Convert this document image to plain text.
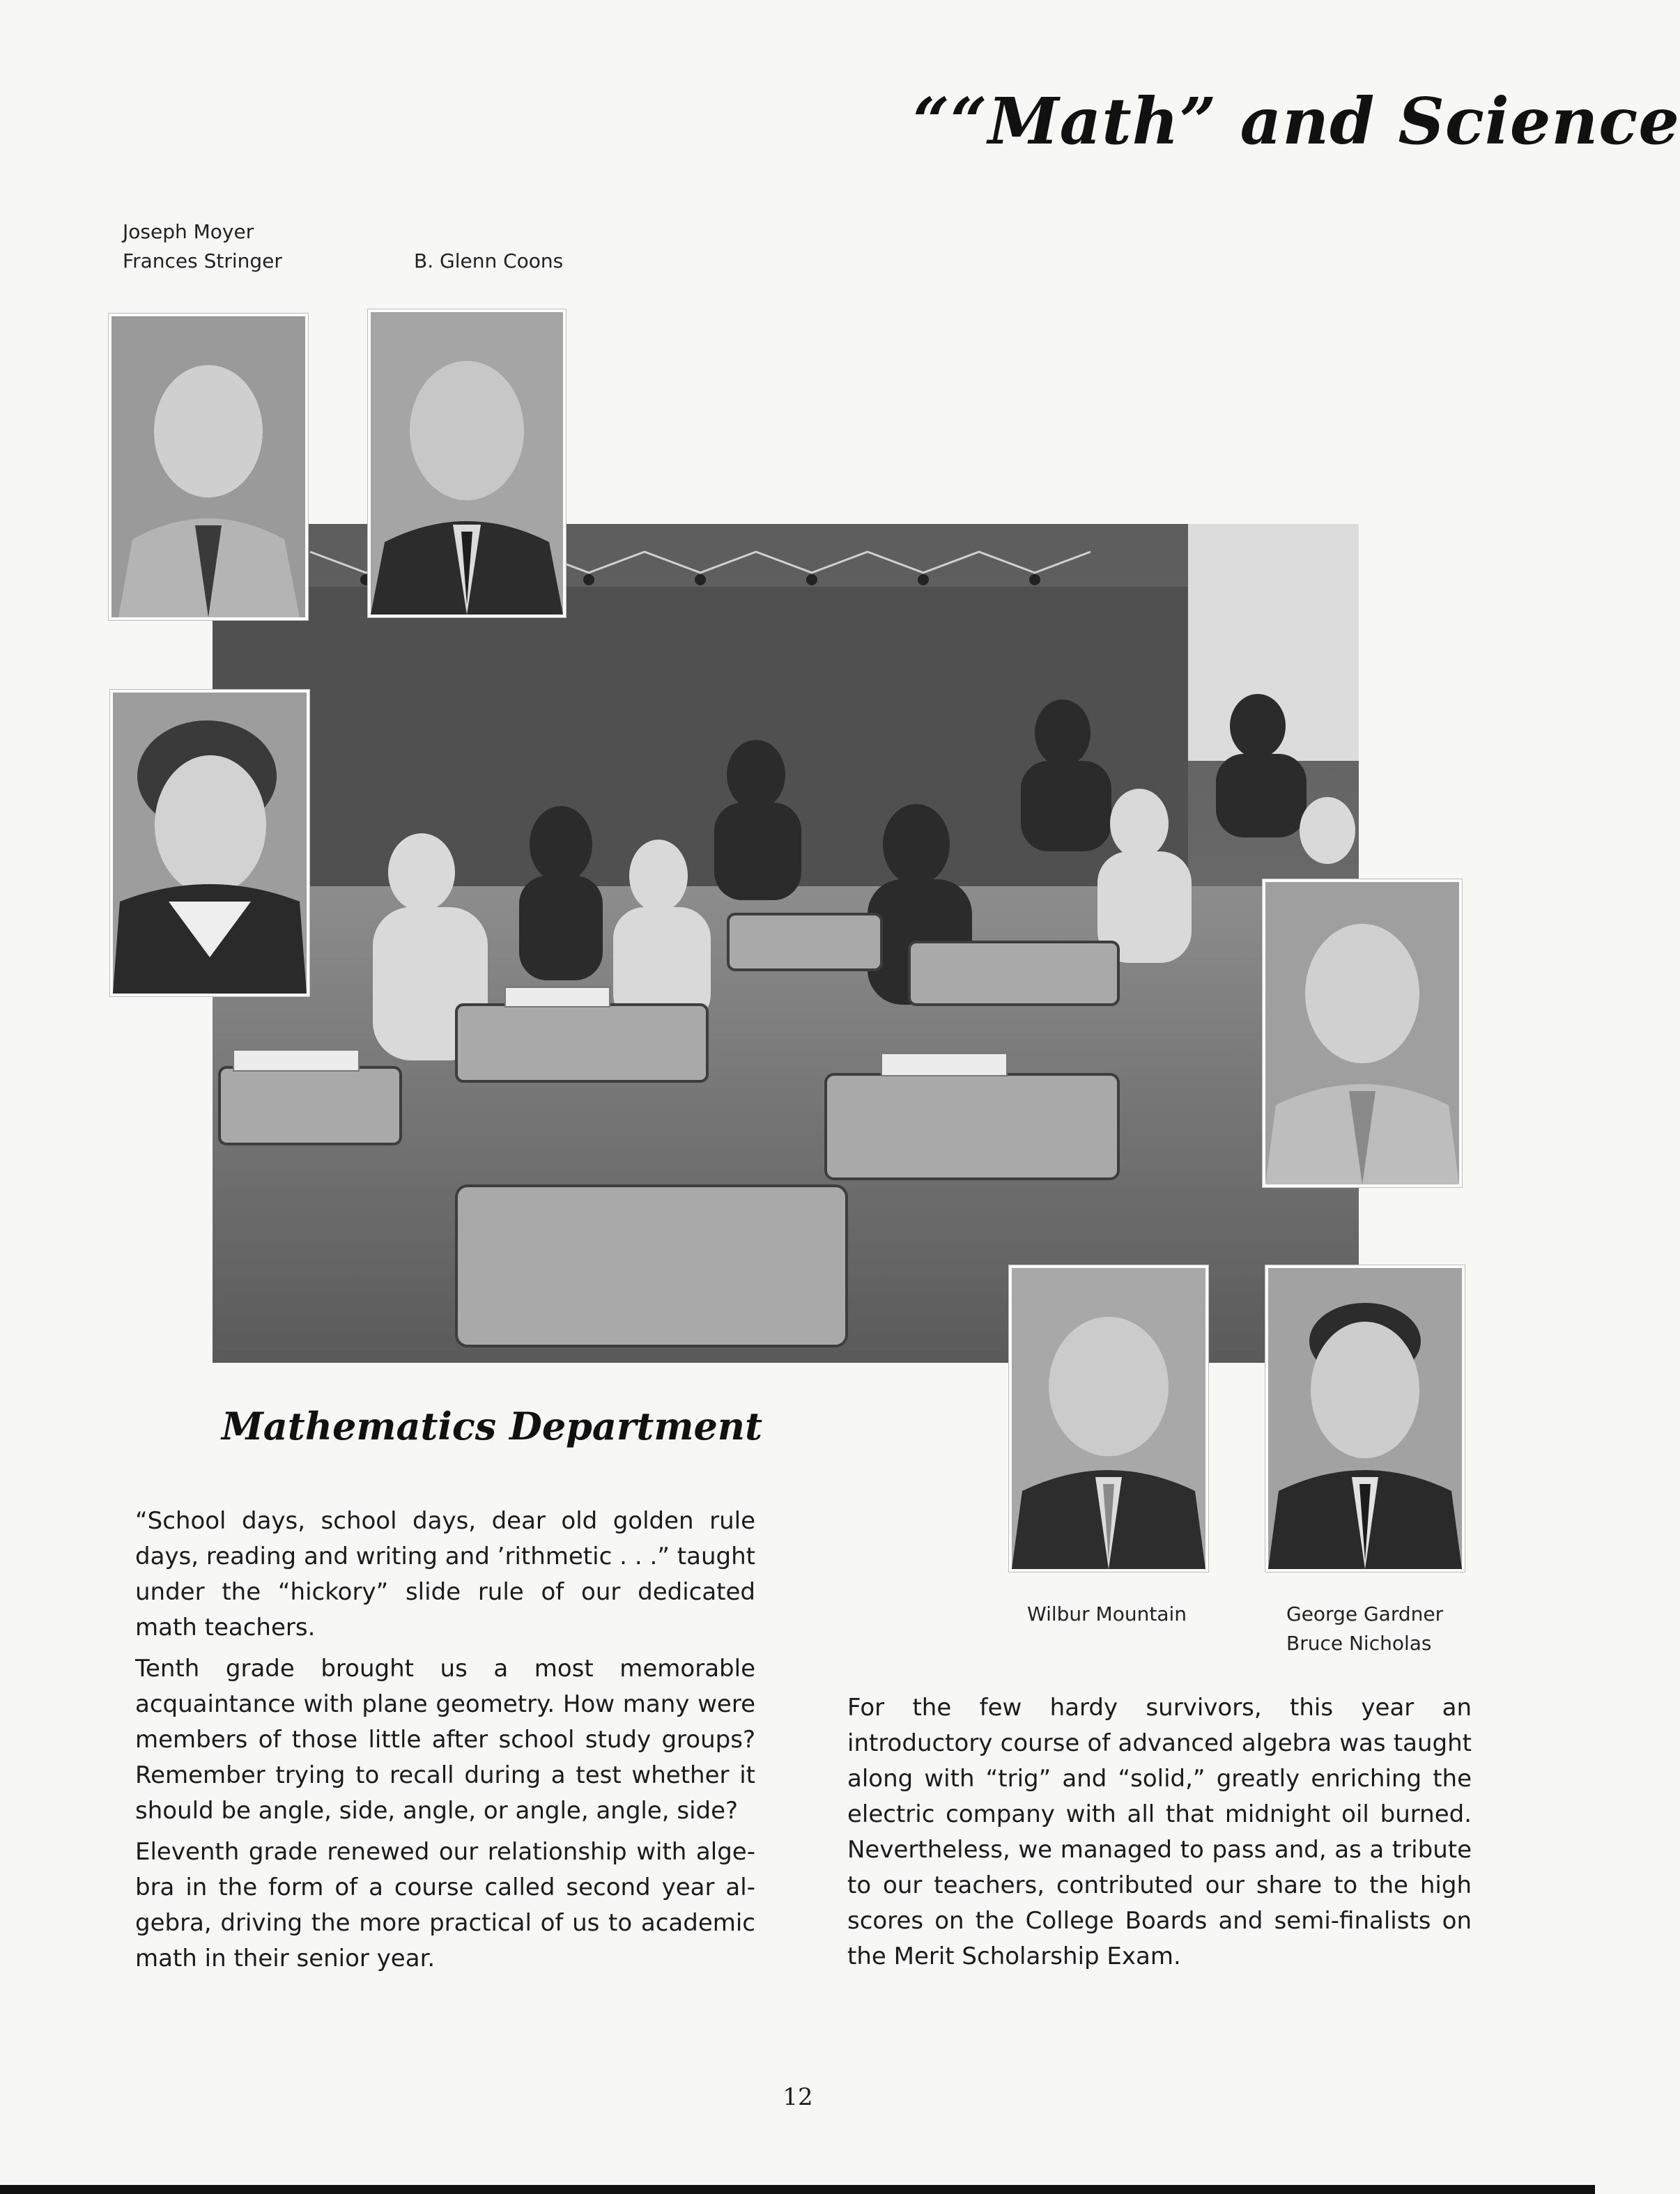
““Math” and Science
Joseph Moyer
Frances Stringer	B. Glenn Coons
Wilbur Mountain	George Gardner
Bruce Nicholas
Mathematics Department

“School days, school days, dear old golden rule days, reading and writing and ’rithmetic . . .” taught under the “hickory” slide rule of our dedicated math teachers.

Tenth grade brought us a most memorable acquaintance with plane geometry. How many were members of those little after school study groups? Remember trying to recall during a test whether it should be angle, side, angle, or angle, angle, side?

Eleventh grade renewed our relationship with algebra in the form of a course called second year algebra, driving the more practical of us to academic math in their senior year.

For the few hardy survivors, this year an introductory course of advanced algebra was taught along with “trig” and “solid,” greatly enriching the electric company with all that midnight oil burned. Nevertheless, we managed to pass and, as a tribute to our teachers, contributed our share to the high scores on the College Boards and semi-finalists on the Merit Scholarship Exam.

12
